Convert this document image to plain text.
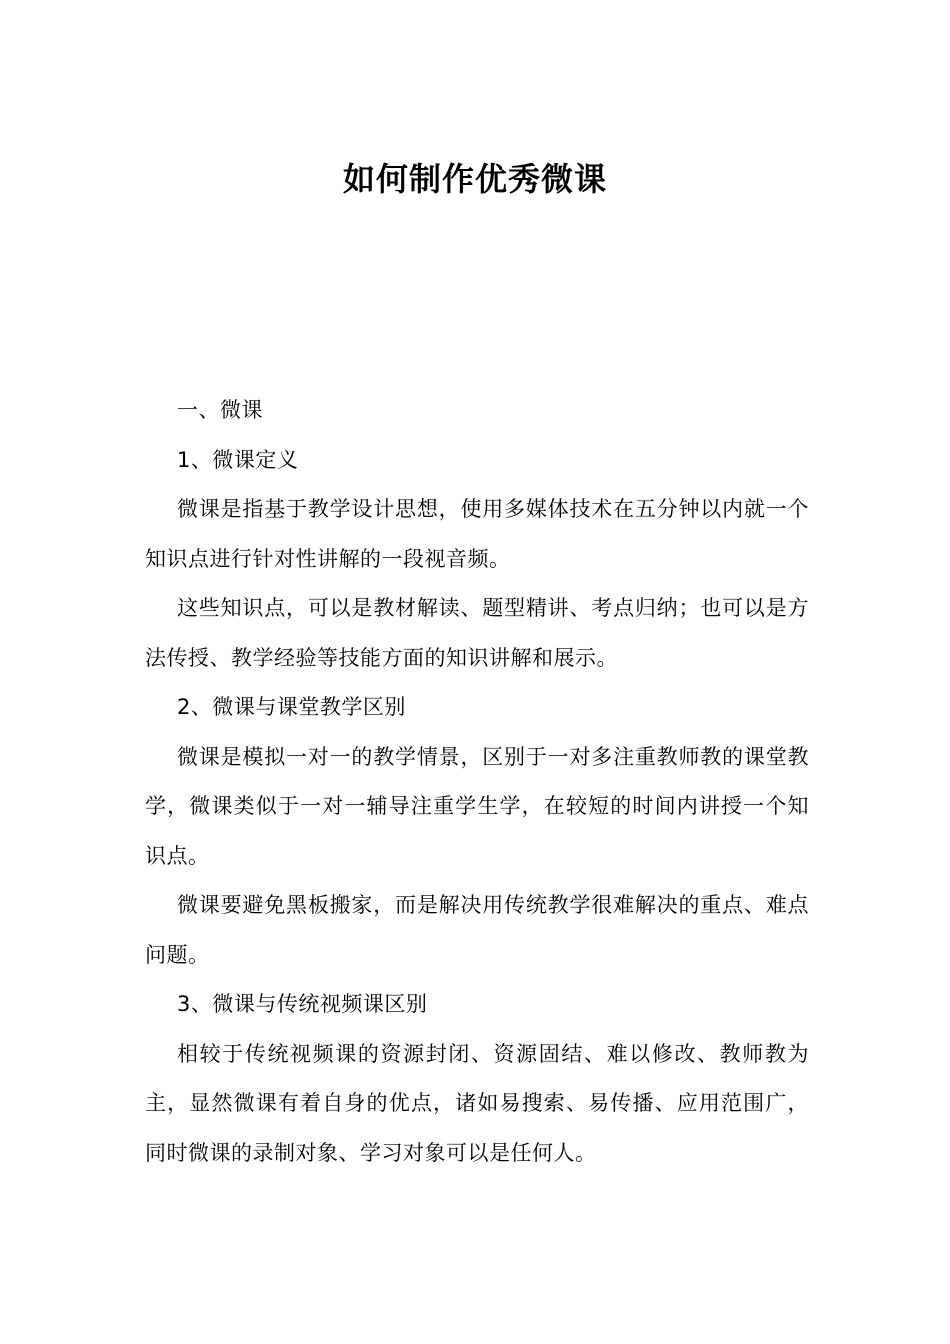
如何制作优秀微课

一、微课

1、微课定义

微课是指基于教学设计思想，使用多媒体技术在五分钟以内就一个知识点进行针对性讲解的一段视音频。

这些知识点，可以是教材解读、题型精讲、考点归纳；也可以是方法传授、教学经验等技能方面的知识讲解和展示。

2、微课与课堂教学区别

微课是模拟一对一的教学情景，区别于一对多注重教师教的课堂教学，微课类似于一对一辅导注重学生学，在较短的时间内讲授一个知识点。

微课要避免黑板搬家，而是解决用传统教学很难解决的重点、难点问题。

3、微课与传统视频课区别

相较于传统视频课的资源封闭、资源固结、难以修改、教师教为主，显然微课有着自身的优点，诸如易搜索、易传播、应用范围广，同时微课的录制对象、学习对象可以是任何人。
